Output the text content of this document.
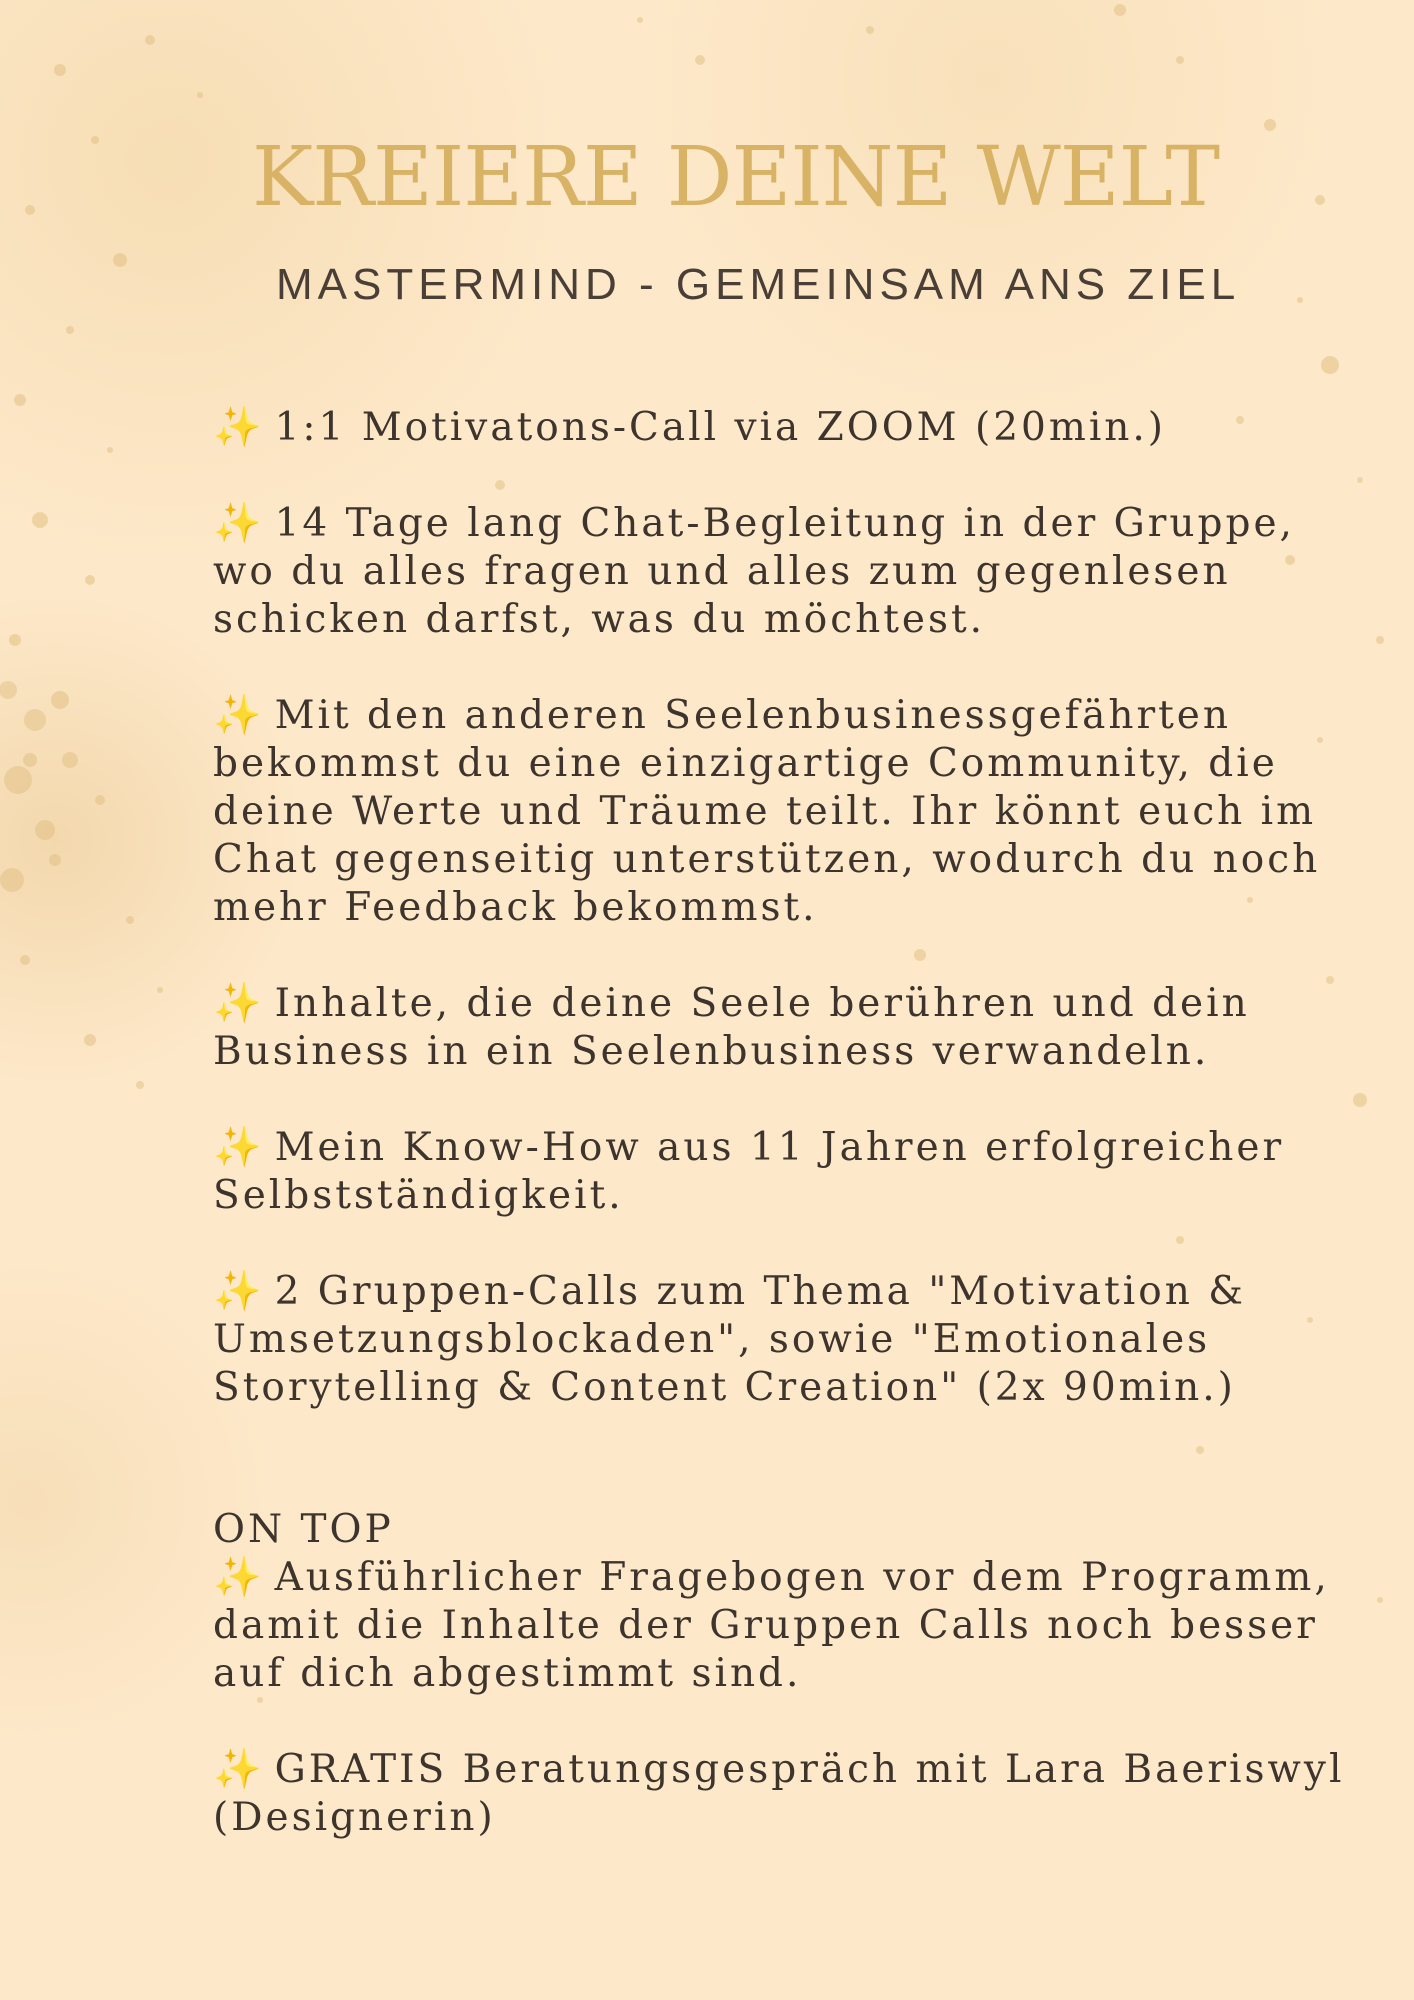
KREIERE DEINE WELT
MASTERMIND - GEMEINSAM ANS ZIEL

✨ 1:1 Motivatons-Call via ZOOM (20min.)

✨ 14 Tage lang Chat-Begleitung in der Gruppe, wo du alles fragen und alles zum gegenlesen schicken darfst, was du möchtest.

✨ Mit den anderen Seelenbusinessgefährten bekommst du eine einzigartige Community, die deine Werte und Träume teilt. Ihr könnt euch im Chat gegenseitig unterstützen, wodurch du noch mehr Feedback bekommst.

✨ Inhalte, die deine Seele berühren und dein Business in ein Seelenbusiness verwandeln.

✨ Mein Know-How aus 11 Jahren erfolgreicher Selbstständigkeit.

✨ 2 Gruppen-Calls zum Thema "Motivation & Umsetzungsblockaden", sowie "Emotionales Storytelling & Content Creation" (2x 90min.)

ON TOP

✨ Ausführlicher Fragebogen vor dem Programm, damit die Inhalte der Gruppen Calls noch besser auf dich abgestimmt sind.

✨ GRATIS Beratungsgespräch mit Lara Baeriswyl (Designerin)
